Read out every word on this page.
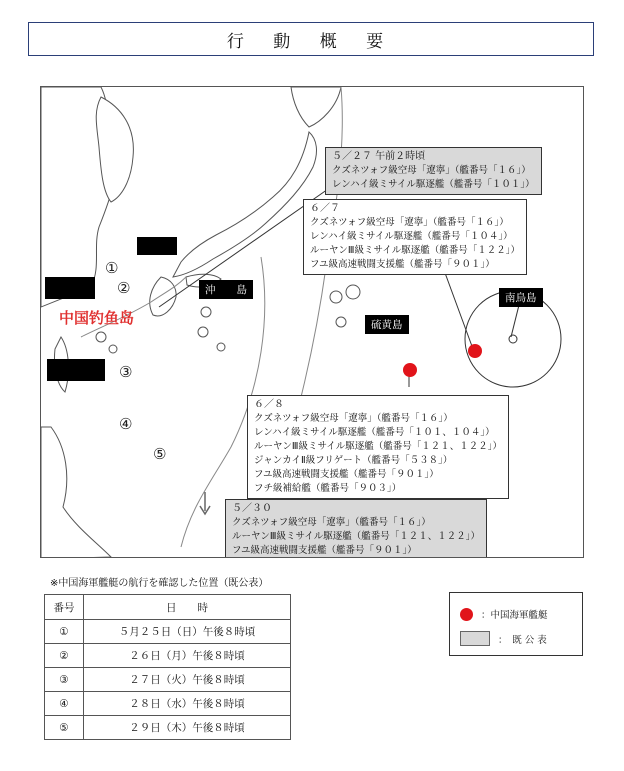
行 動 概 要
沖　　島
硫黄島
南鳥島
中国钓鱼岛
①
②
③
④
⑤
５／２７ 午前２時頃
クズネツォフ級空母「遼寧」（艦番号「１６」）
レンハイ級ミサイル駆逐艦（艦番号「１０１」）
６／７
クズネツォフ級空母「遼寧」（艦番号「１６」）
レンハイ級ミサイル駆逐艦（艦番号「１０４」）
ルーヤンⅢ級ミサイル駆逐艦（艦番号「１２２」）
フユ級高速戦闘支援艦（艦番号「９０１」）
６／８
クズネツォフ級空母「遼寧」（艦番号「１６」）
レンハイ級ミサイル駆逐艦（艦番号「１０１、１０４」）
ルーヤンⅢ級ミサイル駆逐艦（艦番号「１２１、１２２」）
ジャンカイⅡ級フリゲート（艦番号「５３８」）
フユ級高速戦闘支援艦（艦番号「９０１」）
フチ級補給艦（艦番号「９０３」）
５／３０
クズネツォフ級空母「遼寧」（艦番号「１６」）
ルーヤンⅢ級ミサイル駆逐艦（艦番号「１２１、１２２」）
フユ級高速戦闘支援艦（艦番号「９０１」）
※中国海軍艦艇の航行を確認した位置（既公表）
番号	日　　時
①	５月２５日（日）午後８時頃
②	２６日（月）午後８時頃
③	２７日（火）午後８時頃
④	２８日（水）午後８時頃
⑤	２９日（木）午後８時頃
：中国海軍艦艇
：　既 公 表
